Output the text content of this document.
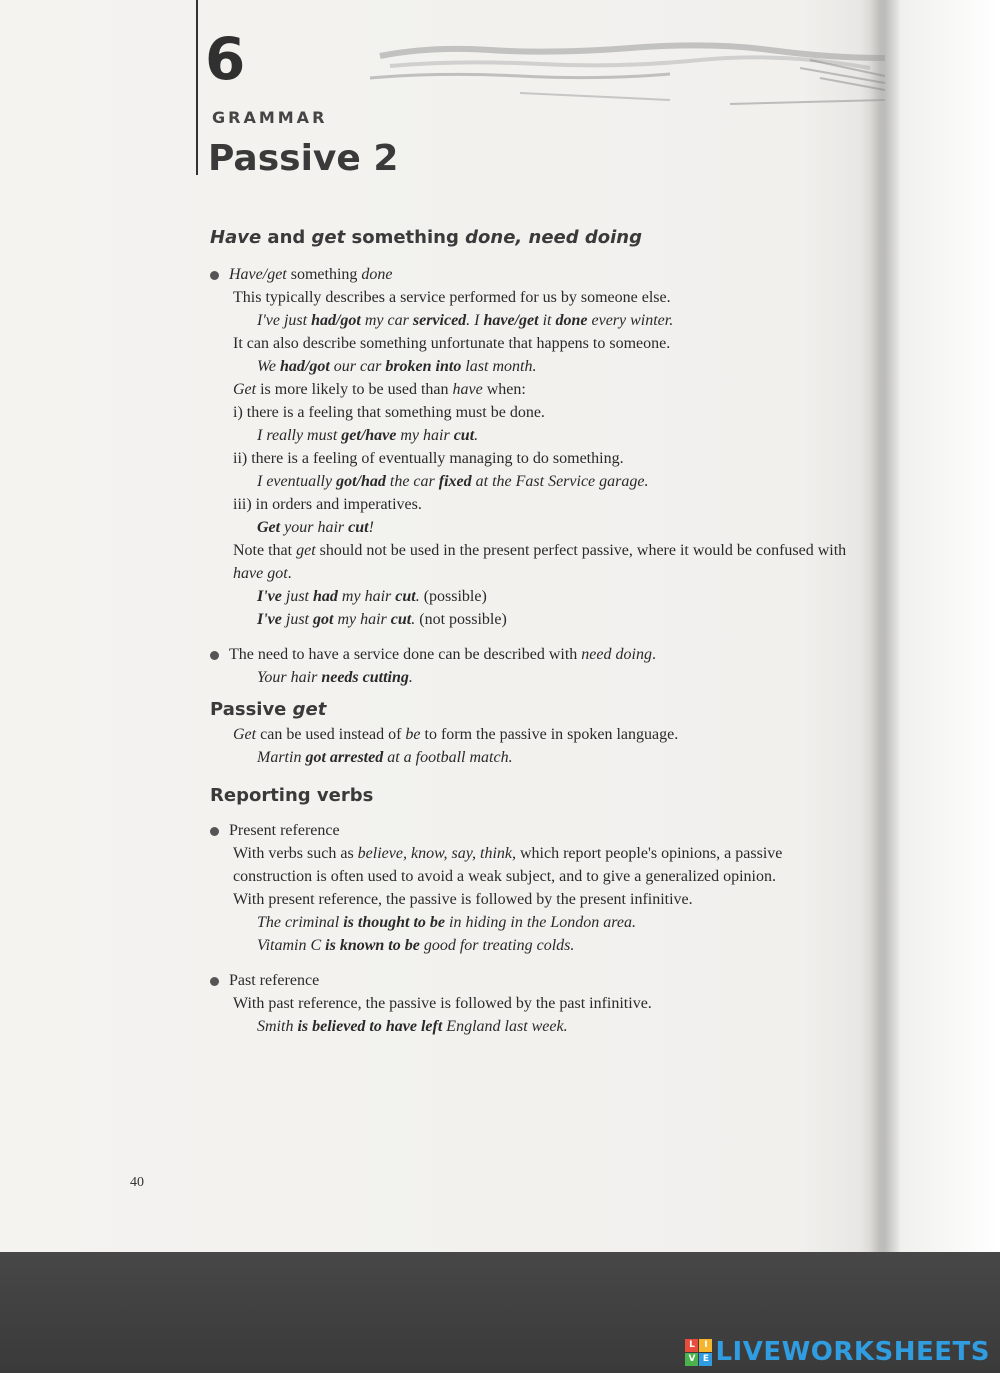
6
GRAMMAR
Passive 2
Have and get something done, need doing
Have/get something done
This typically describes a service performed for us by someone else.
I've just had/got my car serviced. I have/get it done every winter.
It can also describe something unfortunate that happens to someone.
We had/got our car broken into last month.
Get is more likely to be used than have when:
i) there is a feeling that something must be done.
I really must get/have my hair cut.
ii) there is a feeling of eventually managing to do something.
I eventually got/had the car fixed at the Fast Service garage.
iii) in orders and imperatives.
Get your hair cut!
Note that get should not be used in the present perfect passive, where it would be confused with have got.
I've just had my hair cut. (possible)
I've just got my hair cut. (not possible)
The need to have a service done can be described with need doing.
Your hair needs cutting.
Passive get
Get can be used instead of be to form the passive in spoken language.
Martin got arrested at a football match.
Reporting verbs
Present reference
With verbs such as believe, know, say, think, which report people's opinions, a passive construction is often used to avoid a weak subject, and to give a generalized opinion.
With present reference, the passive is followed by the present infinitive.
The criminal is thought to be in hiding in the London area.
Vitamin C is known to be good for treating colds.
Past reference
With past reference, the passive is followed by the past infinitive.
Smith is believed to have left England last week.
40
L	I
V E LIVEWORKSHEETS
